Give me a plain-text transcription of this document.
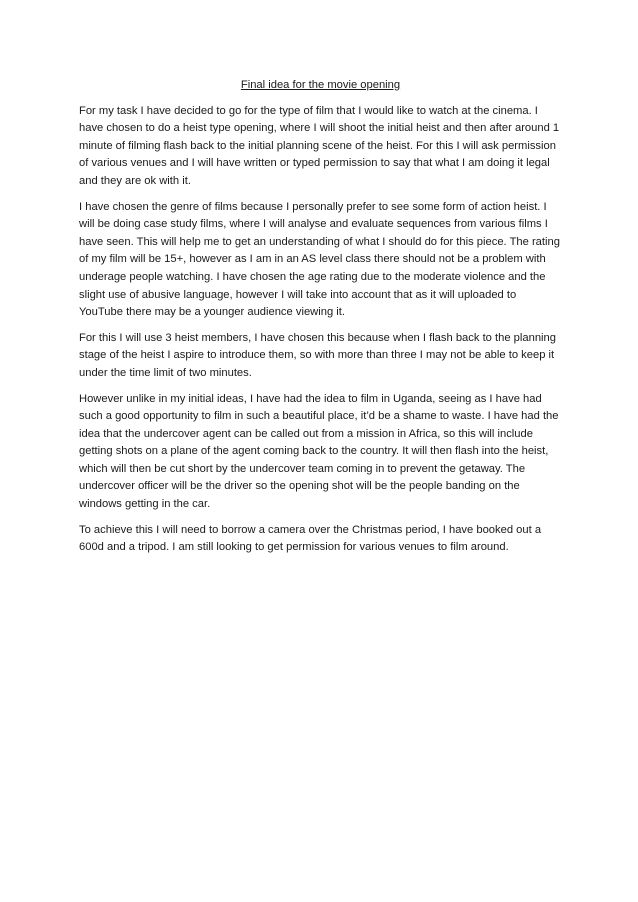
Final idea for the movie opening

For my task I have decided to go for the type of film that I would like to watch at the cinema. I have chosen to do a heist type opening, where I will shoot the initial heist and then after around 1 minute of filming flash back to the initial planning scene of the heist. For this I will ask permission of various venues and I will have written or typed permission to say that what I am doing it legal and they are ok with it.

I have chosen the genre of films because I personally prefer to see some form of action heist. I will be doing case study films, where I will analyse and evaluate sequences from various films I have seen. This will help me to get an understanding of what I should do for this piece. The rating of my film will be 15+, however as I am in an AS level class there should not be a problem with underage people watching. I have chosen the age rating due to the moderate violence and the slight use of abusive language, however I will take into account that as it will uploaded to YouTube there may be a younger audience viewing it.

For this I will use 3 heist members, I have chosen this because when I flash back to the planning stage of the heist I aspire to introduce them, so with more than three I may not be able to keep it under the time limit of two minutes.

However unlike in my initial ideas, I have had the idea to film in Uganda, seeing as I have had such a good opportunity to film in such a beautiful place, it’d be a shame to waste. I have had the idea that the undercover agent can be called out from a mission in Africa, so this will include getting shots on a plane of the agent coming back to the country. It will then flash into the heist, which will then be cut short by the undercover team coming in to prevent the getaway. The undercover officer will be the driver so the opening shot will be the people banding on the windows getting in the car.

To achieve this I will need to borrow a camera over the Christmas period, I have booked out a 600d and a tripod. I am still looking to get permission for various venues to film around.
